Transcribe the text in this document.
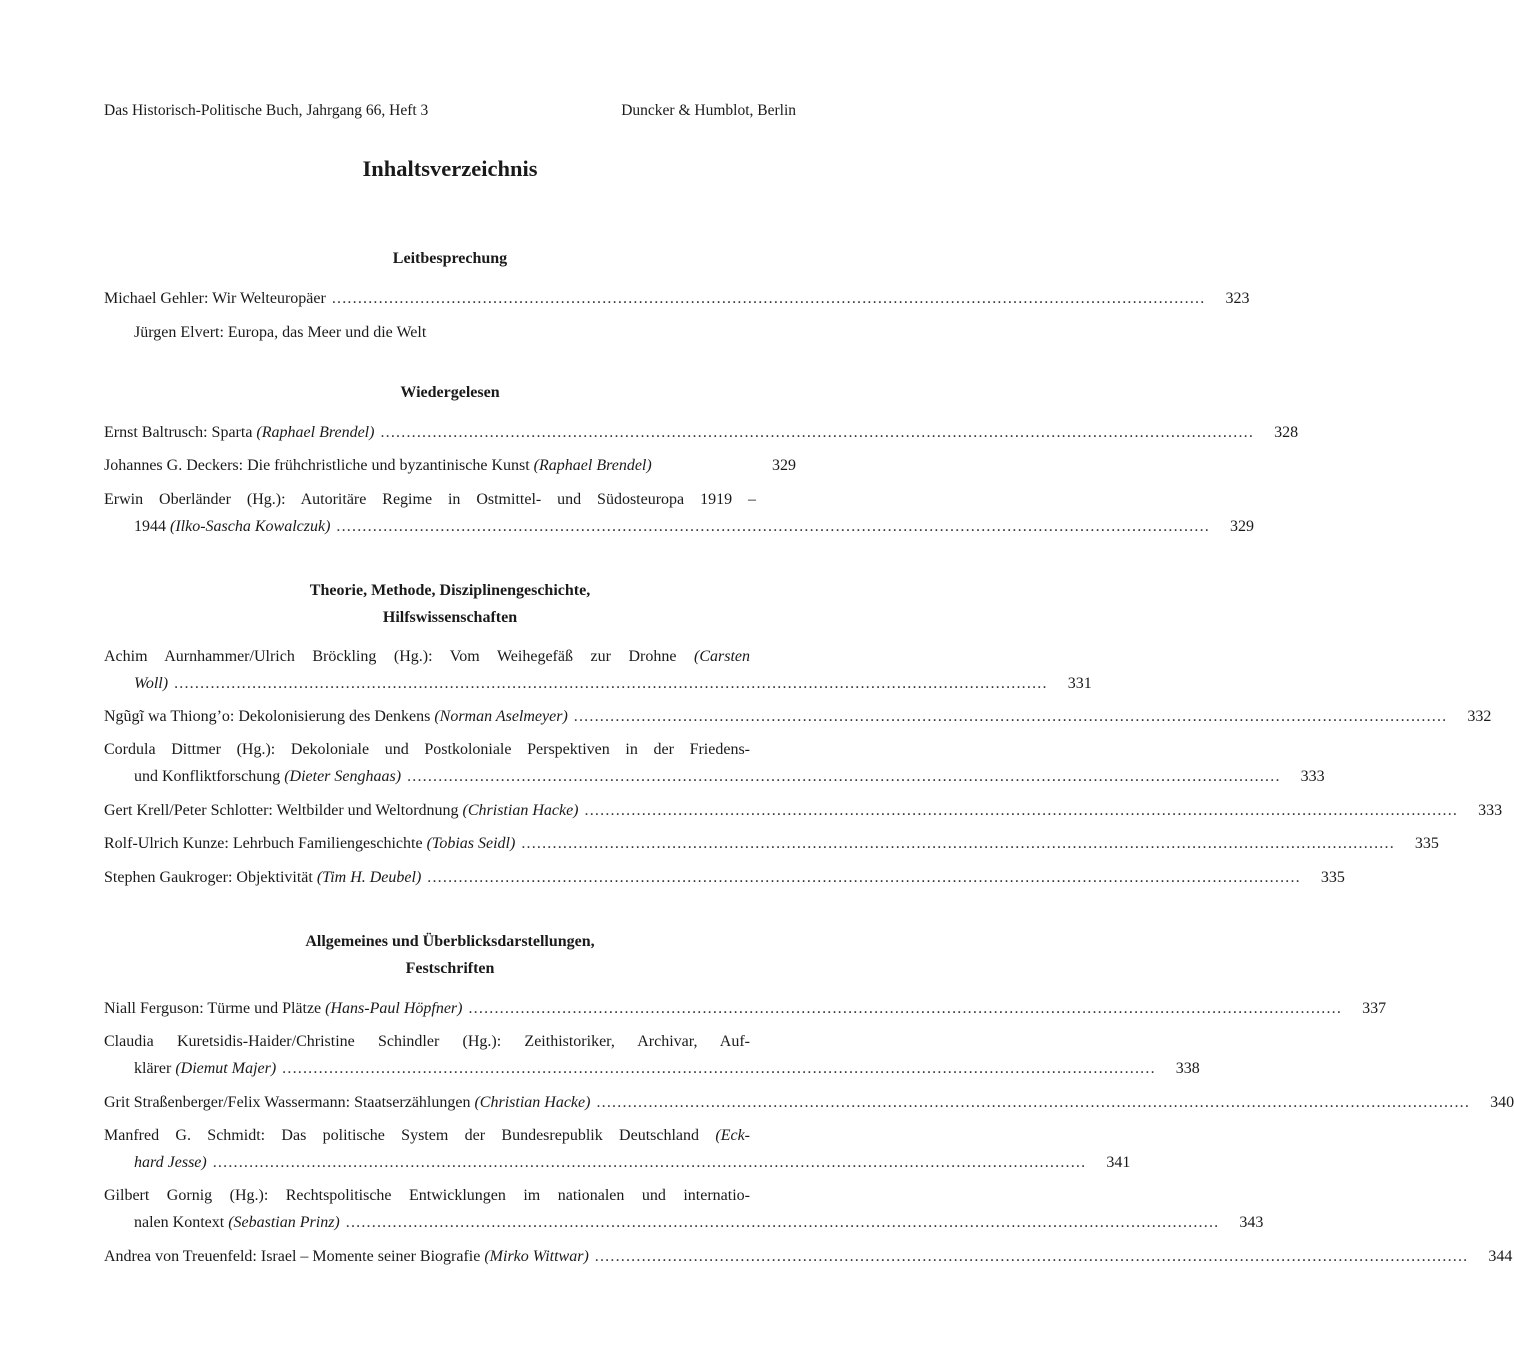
Das Historisch-Politische Buch, Jahrgang 66, Heft 3	Duncker & Humblot, Berlin
Inhaltsverzeichnis
Leitbesprechung
Michael Gehler: Wir Welteuropäer ........................................................................................................................................................................	323
Jürgen Elvert: Europa, das Meer und die Welt
Wiedergelesen
Ernst Baltrusch: Sparta
(Raphael Brendel) ........................................................................................................................................................................	328
Johannes G. Deckers: Die frühchristliche und byzantinische Kunst
(Raphael Brendel)	329
Erwin Oberländer (Hg.): Autoritäre Regime in Ostmittel- und Südosteuropa 1919 –
1944
(Ilko-Sascha Kowalczuk) ........................................................................................................................................................................	329
Theorie, Methode, Disziplinengeschichte,
Hilfswissenschaften
Achim Aurnhammer/Ulrich Bröckling (Hg.): Vom Weihegefäß zur Drohne (Carsten
Woll) ........................................................................................................................................................................	331
Ngũgĩ wa Thiong’o: Dekolonisierung des Denkens
(Norman Aselmeyer) ........................................................................................................................................................................	332
Cordula Dittmer (Hg.): Dekoloniale und Postkoloniale Perspektiven in der Friedens-
und Konfliktforschung
(Dieter Senghaas) ........................................................................................................................................................................	333
Gert Krell/Peter Schlotter: Weltbilder und Weltordnung
(Christian Hacke) ........................................................................................................................................................................	333
Rolf-Ulrich Kunze: Lehrbuch Familiengeschichte
(Tobias Seidl) ........................................................................................................................................................................	335
Stephen Gaukroger: Objektivität
(Tim H. Deubel) ........................................................................................................................................................................	335
Allgemeines und Überblicksdarstellungen,
Festschriften
Niall Ferguson: Türme und Plätze
(Hans-Paul Höpfner) ........................................................................................................................................................................	337
Claudia Kuretsidis-Haider/Christine Schindler (Hg.): Zeithistoriker, Archivar, Auf-
klärer
(Diemut Majer) ........................................................................................................................................................................	338
Grit Straßenberger/Felix Wassermann: Staatserzählungen
(Christian Hacke) ........................................................................................................................................................................	340
Manfred G. Schmidt: Das politische System der Bundesrepublik Deutschland (Eck-
hard Jesse) ........................................................................................................................................................................	341
Gilbert Gornig (Hg.): Rechtspolitische Entwicklungen im nationalen und internatio-
nalen Kontext
(Sebastian Prinz) ........................................................................................................................................................................	343
Andrea von Treuenfeld: Israel – Momente seiner Biografie
(Mirko Wittwar) ........................................................................................................................................................................	344
